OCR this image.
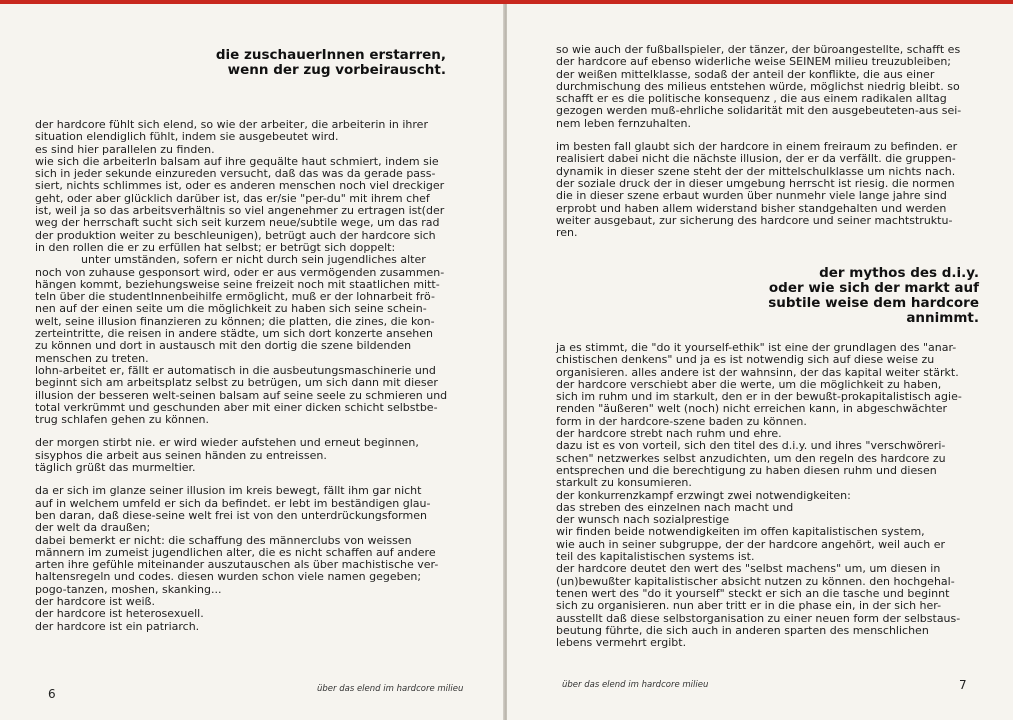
die zuschauerInnen erstarren,
wenn der zug vorbeirauscht.

der hardcore fühlt sich elend, so wie der arbeiter, die arbeiterin in ihrer
situation elendiglich fühlt, indem sie ausgebeutet wird.
es sind hier parallelen zu finden.
wie sich die arbeiterIn balsam auf ihre gequälte haut schmiert, indem sie
sich in jeder sekunde einzureden versucht, daß das was da gerade pass-
siert, nichts schlimmes ist, oder es anderen menschen noch viel dreckiger
geht, oder aber glücklich darüber ist, das er/sie "per-du" mit ihrem chef
ist, weil ja so das arbeitsverhältnis so viel angenehmer zu ertragen ist(der
weg der herrschaft sucht sich seit kurzem neue/subtile wege, um das rad
der produktion weiter zu beschleunigen), betrügt auch der hardcore sich
in den rollen die er zu erfüllen hat selbst; er betrügt sich doppelt:
unter umständen, sofern er nicht durch sein jugendliches alter
noch von zuhause gesponsort wird, oder er aus vermögenden zusammen-
hängen kommt, beziehungsweise seine freizeit noch mit staatlichen mitt-
teln über die studentInnenbeihilfe ermöglicht, muß er der lohnarbeit frö-
nen auf der einen seite um die möglichkeit zu haben sich seine schein-
welt, seine illusion finanzieren zu können; die platten, die zines, die kon-
zerteintritte, die reisen in andere städte, um sich dort konzerte ansehen
zu können und dort in austausch mit den dortig die szene bildenden
menschen zu treten.
lohn-arbeitet er, fällt er automatisch in die ausbeutungsmaschinerie und
beginnt sich am arbeitsplatz selbst zu betrügen, um sich dann mit dieser
illusion der besseren welt-seinen balsam auf seine seele zu schmieren und
total verkrümmt und geschunden aber mit einer dicken schicht selbstbe-
trug schlafen gehen zu können.

der morgen stirbt nie. er wird wieder aufstehen und erneut beginnen,
sisyphos die arbeit aus seinen händen zu entreissen.
täglich grüßt das murmeltier.

da er sich im glanze seiner illusion im kreis bewegt, fällt ihm gar nicht
auf in welchem umfeld er sich da befindet. er lebt im beständigen glau-
ben daran, daß diese-seine welt frei ist von den unterdrückungsformen
der welt da draußen;
dabei bemerkt er nicht: die schaffung des männerclubs von weissen
männern im zumeist jugendlichen alter, die es nicht schaffen auf andere
arten ihre gefühle miteinander auszutauschen als über machistische ver-
haltensregeln und codes. diesen wurden schon viele namen gegeben;
pogo-tanzen, moshen, skanking...
der hardcore ist weiß.
der hardcore ist heterosexuell.
der hardcore ist ein patriarch.

6	über das elend im hardcore milieu

so wie auch der fußballspieler, der tänzer, der büroangestellte, schafft es
der hardcore auf ebenso widerliche weise SEINEM milieu treuzubleiben;
der weißen mittelklasse, sodaß der anteil der konflikte, die aus einer
durchmischung des milieus entstehen würde, möglichst niedrig bleibt. so
schafft er es die politische konsequenz , die aus einem radikalen alltag
gezogen werden muß-ehrliche solidarität mit den ausgebeuteten-aus sei-
nem leben fernzuhalten.

im besten fall glaubt sich der hardcore in einem freiraum zu befinden. er
realisiert dabei nicht die nächste illusion, der er da verfällt. die gruppen-
dynamik in dieser szene steht der der mittelschulklasse um nichts nach.
der soziale druck der in dieser umgebung herrscht ist riesig. die normen
die in dieser szene erbaut wurden über nunmehr viele lange jahre sind
erprobt und haben allem widerstand bisher standgehalten und werden
weiter ausgebaut, zur sicherung des hardcore und seiner machtstruktu-
ren.

der mythos des d.i.y.
oder wie sich der markt auf
subtile weise dem hardcore
annimmt.

ja es stimmt, die "do it yourself-ethik" ist eine der grundlagen des "anar-
chistischen denkens" und ja es ist notwendig sich auf diese weise zu
organisieren. alles andere ist der wahnsinn, der das kapital weiter stärkt.
der hardcore verschiebt aber die werte, um die möglichkeit zu haben,
sich im ruhm und im starkult, den er in der bewußt-prokapitalistisch agie-
renden "äußeren" welt (noch) nicht erreichen kann, in abgeschwächter
form in der hardcore-szene baden zu können.
der hardcore strebt nach ruhm und ehre.
dazu ist es von vorteil, sich den titel des d.i.y. und ihres "verschwöreri-
schen" netzwerkes selbst anzudichten, um den regeln des hardcore zu
entsprechen und die berechtigung zu haben diesen ruhm und diesen
starkult zu konsumieren.
der konkurrenzkampf erzwingt zwei notwendigkeiten:
das streben des einzelnen nach macht und
der wunsch nach sozialprestige
wir finden beide notwendigkeiten im offen kapitalistischen system,
wie auch in seiner subgruppe, der der hardcore angehört, weil auch er
teil des kapitalistischen systems ist.
der hardcore deutet den wert des "selbst machens" um, um diesen in
(un)bewußter kapitalistischer absicht nutzen zu können. den hochgehal-
tenen wert des "do it yourself" steckt er sich an die tasche und beginnt
sich zu organisieren. nun aber tritt er in die phase ein, in der sich her-
ausstellt daß diese selbstorganisation zu einer neuen form der selbstaus-
beutung führte, die sich auch in anderen sparten des menschlichen
lebens vermehrt ergibt.

über das elend im hardcore milieu	7
